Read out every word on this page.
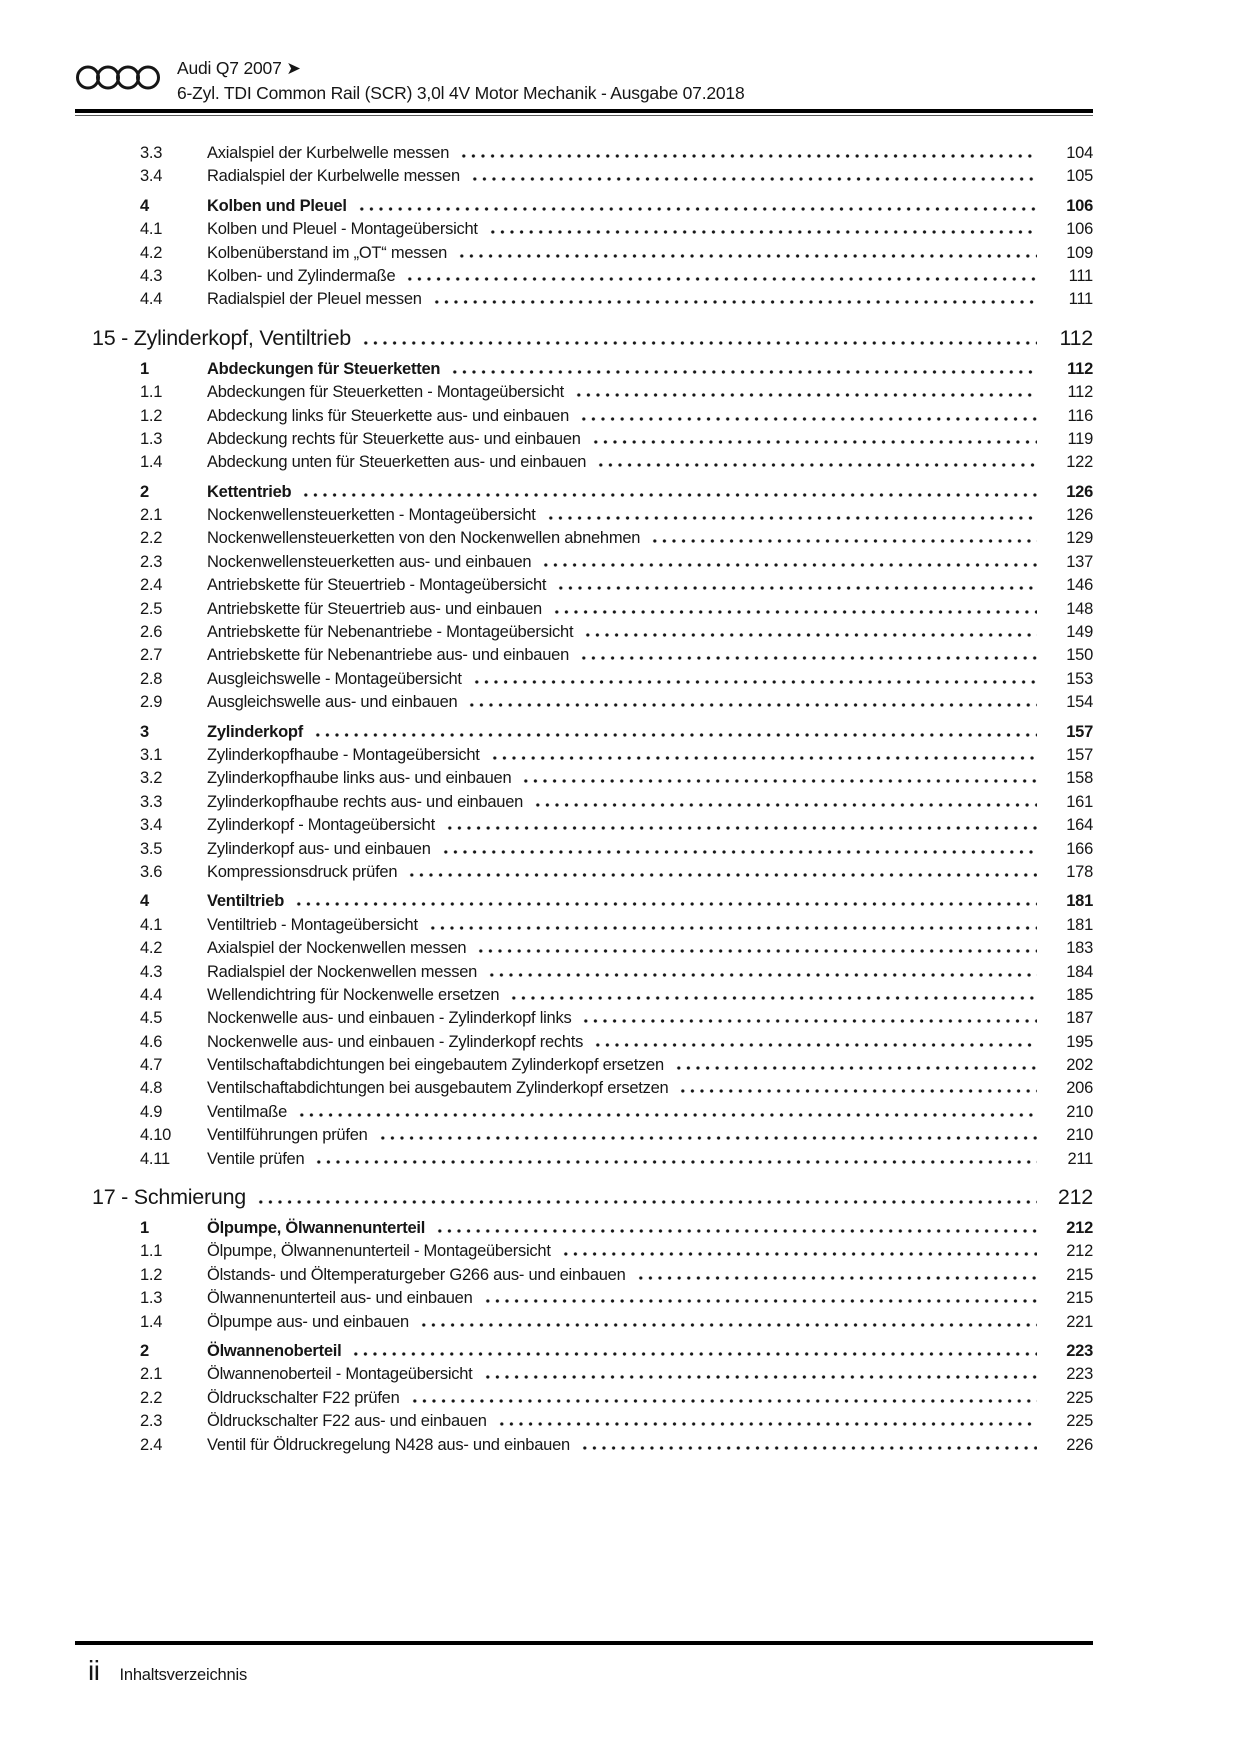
Audi Q7 2007 ➤
6-Zyl. TDI Common Rail (SCR) 3,0l 4V Motor Mechanik - Ausgabe 07.2018
3.3	Axialspiel der Kurbelwelle messen	104
3.4	Radialspiel der Kurbelwelle messen	105
4	Kolben und Pleuel	106
4.1	Kolben und Pleuel - Montageübersicht	106
4.2	Kolbenüberstand im „OT“ messen	109
4.3	Kolben- und Zylindermaße	111
4.4	Radialspiel der Pleuel messen	111
15 - Zylinderkopf, Ventiltrieb	112
1	Abdeckungen für Steuerketten	112
1.1	Abdeckungen für Steuerketten - Montageübersicht	112
1.2	Abdeckung links für Steuerkette aus- und einbauen	116
1.3	Abdeckung rechts für Steuerkette aus- und einbauen	119
1.4	Abdeckung unten für Steuerketten aus- und einbauen	122
2	Kettentrieb	126
2.1	Nockenwellensteuerketten - Montageübersicht	126
2.2	Nockenwellensteuerketten von den Nockenwellen abnehmen	129
2.3	Nockenwellensteuerketten aus- und einbauen	137
2.4	Antriebskette für Steuertrieb - Montageübersicht	146
2.5	Antriebskette für Steuertrieb aus- und einbauen	148
2.6	Antriebskette für Nebenantriebe - Montageübersicht	149
2.7	Antriebskette für Nebenantriebe aus- und einbauen	150
2.8	Ausgleichswelle - Montageübersicht	153
2.9	Ausgleichswelle aus- und einbauen	154
3	Zylinderkopf	157
3.1	Zylinderkopfhaube - Montageübersicht	157
3.2	Zylinderkopfhaube links aus- und einbauen	158
3.3	Zylinderkopfhaube rechts aus- und einbauen	161
3.4	Zylinderkopf - Montageübersicht	164
3.5	Zylinderkopf aus- und einbauen	166
3.6	Kompressionsdruck prüfen	178
4	Ventiltrieb	181
4.1	Ventiltrieb - Montageübersicht	181
4.2	Axialspiel der Nockenwellen messen	183
4.3	Radialspiel der Nockenwellen messen	184
4.4	Wellendichtring für Nockenwelle ersetzen	185
4.5	Nockenwelle aus- und einbauen - Zylinderkopf links	187
4.6	Nockenwelle aus- und einbauen - Zylinderkopf rechts	195
4.7	Ventilschaftabdichtungen bei eingebautem Zylinderkopf ersetzen	202
4.8	Ventilschaftabdichtungen bei ausgebautem Zylinderkopf ersetzen	206
4.9	Ventilmaße	210
4.10	Ventilführungen prüfen	210
4.11	Ventile prüfen	211
17 - Schmierung	212
1	Ölpumpe, Ölwannenunterteil	212
1.1	Ölpumpe, Ölwannenunterteil - Montageübersicht	212
1.2	Ölstands- und Öltemperaturgeber G266 aus- und einbauen	215
1.3	Ölwannenunterteil aus- und einbauen	215
1.4	Ölpumpe aus- und einbauen	221
2	Ölwannenoberteil	223
2.1	Ölwannenoberteil - Montageübersicht	223
2.2	Öldruckschalter F22 prüfen	225
2.3	Öldruckschalter F22 aus- und einbauen	225
2.4	Ventil für Öldruckregelung N428 aus- und einbauen	226
ii Inhaltsverzeichnis
